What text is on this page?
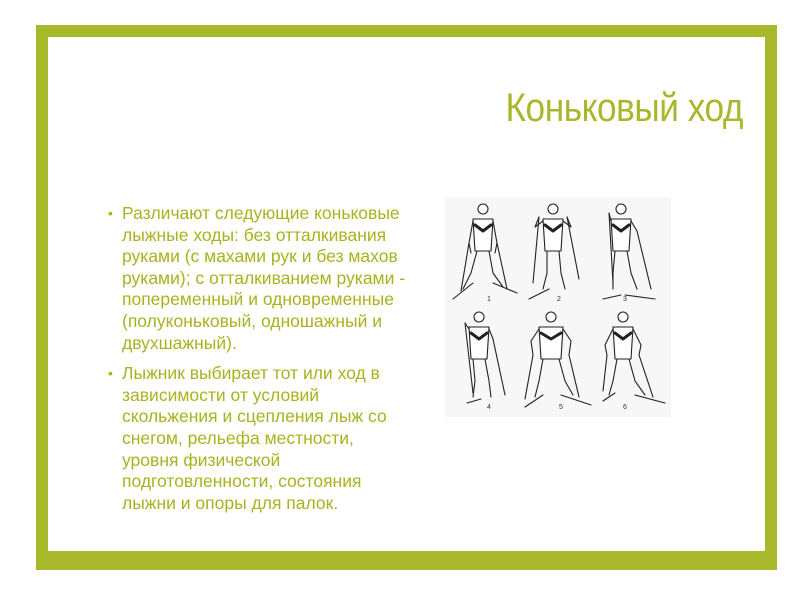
Коньковый ход
• Различают следующие коньковые лыжные ходы: без отталкивания руками (с махами рук и без махов руками); с отталкиванием руками - попеременный и одновременные (полуконьковый, одношажный и двухшажный).
• Лыжник выбирает тот или ход в зависимости от условий скольжения и сцепления лыж со снегом, рельефа местности, уровня физической подготовленности, состояния лыжни и опоры для палок.
1	2	3
4	5	6
